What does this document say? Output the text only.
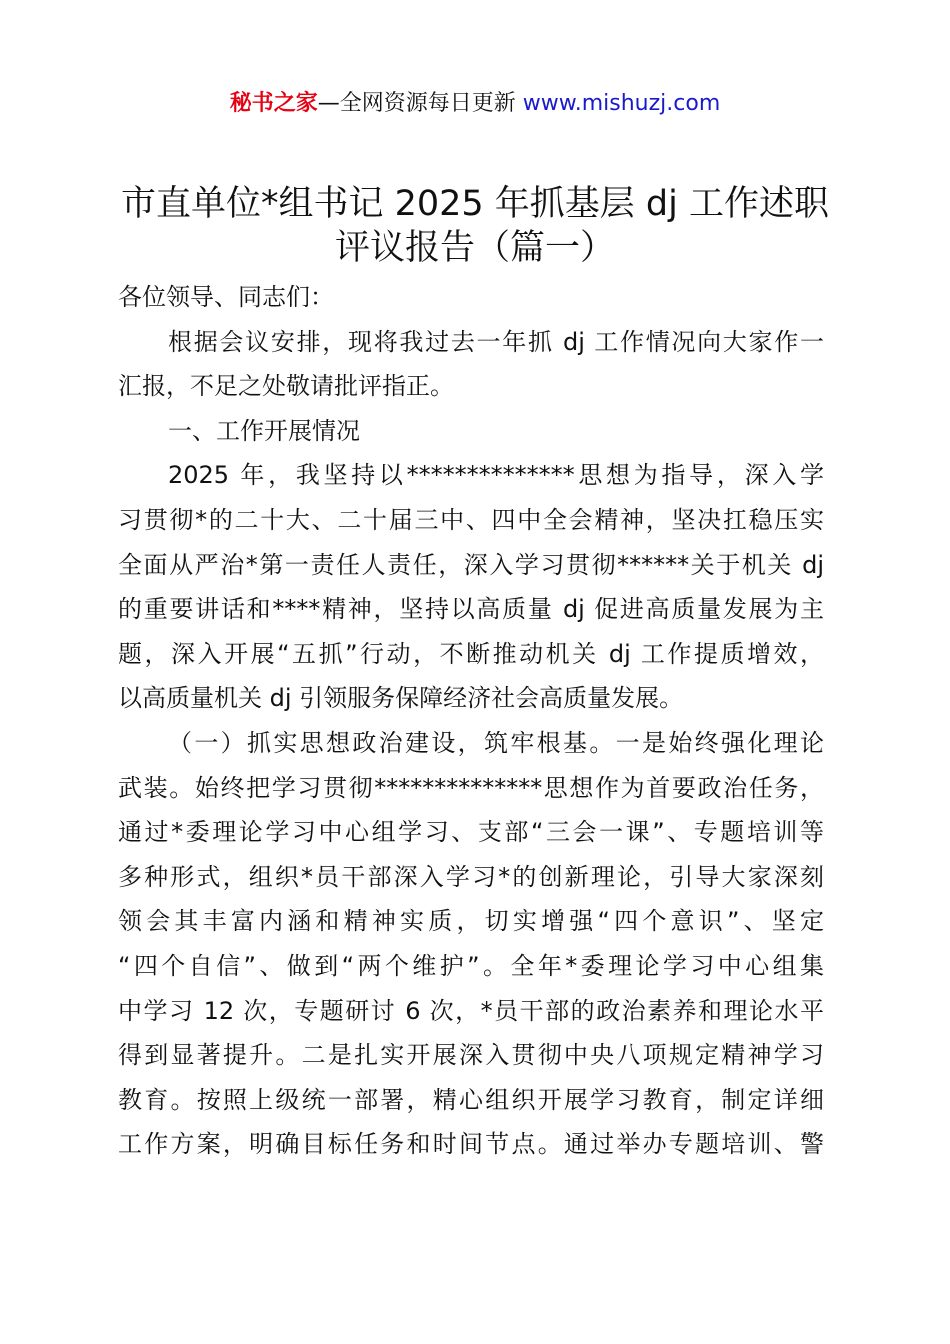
秘书之家—全网资源每日更新 www.mishuzj.com
市直单位*组书记 2025 年抓基层 dj 工作述职
评议报告（篇一）
各位领导、同志们：
根据会议安排，现将我过去一年抓 dj 工作情况向大家作一
汇报，不足之处敬请批评指正。
一、工作开展情况
2025 年，我坚持以**************思想为指导，深入学
习贯彻*的二十大、二十届三中、四中全会精神，坚决扛稳压实
全面从严治*第一责任人责任，深入学习贯彻******关于机关 dj
的重要讲话和****精神，坚持以高质量 dj 促进高质量发展为主
题，深入开展“五抓”行动，不断推动机关 dj 工作提质增效，
以高质量机关 dj 引领服务保障经济社会高质量发展。
（一）抓实思想政治建设，筑牢根基。一是始终强化理论
武装。始终把学习贯彻**************思想作为首要政治任务，
通过*委理论学习中心组学习、支部“三会一课”、专题培训等
多种形式，组织*员干部深入学习*的创新理论，引导大家深刻
领会其丰富内涵和精神实质，切实增强“四个意识”、坚定
“四个自信”、做到“两个维护”。全年*委理论学习中心组集
中学习 12 次，专题研讨 6 次，*员干部的政治素养和理论水平
得到显著提升。二是扎实开展深入贯彻中央八项规定精神学习
教育。按照上级统一部署，精心组织开展学习教育，制定详细
工作方案，明确目标任务和时间节点。通过举办专题培训、警
